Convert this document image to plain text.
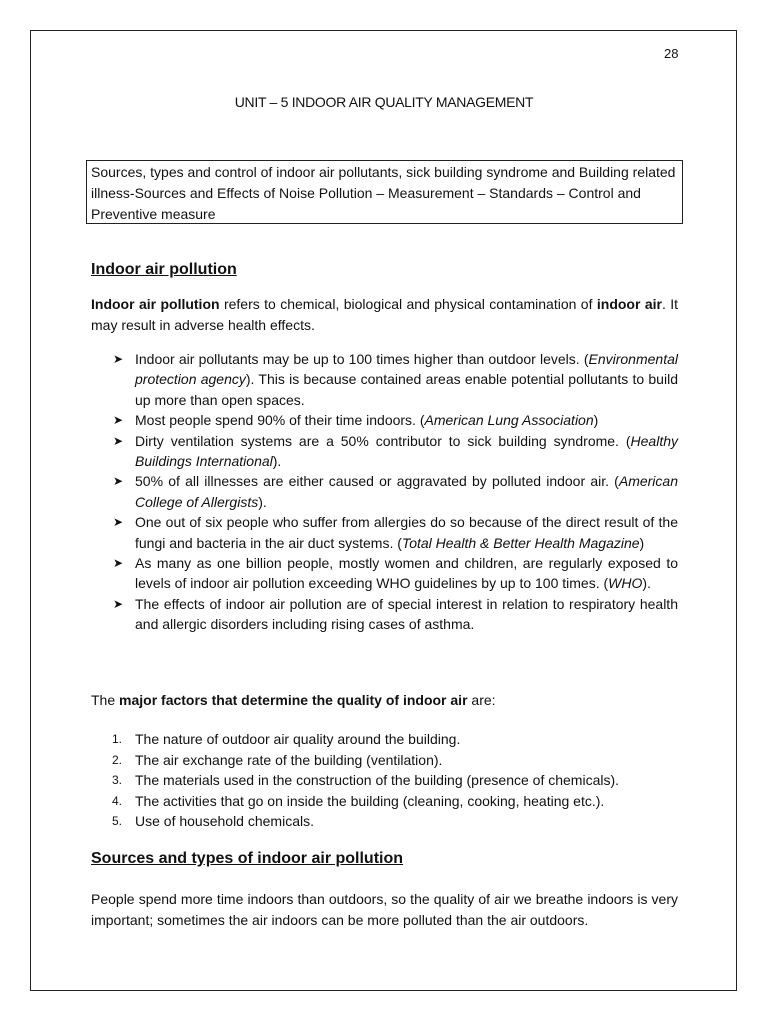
28
UNIT – 5 INDOOR AIR QUALITY MANAGEMENT
Sources, types and control of indoor air pollutants, sick building syndrome and Building related illness-Sources and Effects of Noise Pollution – Measurement – Standards – Control and Preventive measure
Indoor air pollution
Indoor air pollution refers to chemical, biological and physical contamination of indoor air. It may result in adverse health effects.
➤ Indoor air pollutants may be up to 100 times higher than outdoor levels. (Environmental protection agency). This is because contained areas enable potential pollutants to build up more than open spaces.
➤ Most people spend 90% of their time indoors. (American Lung Association)
➤ Dirty ventilation systems are a 50% contributor to sick building syndrome. (Healthy Buildings International).
➤ 50% of all illnesses are either caused or aggravated by polluted indoor air. (American College of Allergists).
➤ One out of six people who suffer from allergies do so because of the direct result of the fungi and bacteria in the air duct systems. (Total Health & Better Health Magazine)
➤ As many as one billion people, mostly women and children, are regularly exposed to levels of indoor air pollution exceeding WHO guidelines by up to 100 times. (WHO).
➤ The effects of indoor air pollution are of special interest in relation to respiratory health and allergic disorders including rising cases of asthma.
The major factors that determine the quality of indoor air are:
1. The nature of outdoor air quality around the building.
2. The air exchange rate of the building (ventilation).
3. The materials used in the construction of the building (presence of chemicals).
4. The activities that go on inside the building (cleaning, cooking, heating etc.).
5. Use of household chemicals.
Sources and types of indoor air pollution
People spend more time indoors than outdoors, so the quality of air we breathe indoors is very important; sometimes the air indoors can be more polluted than the air outdoors.
